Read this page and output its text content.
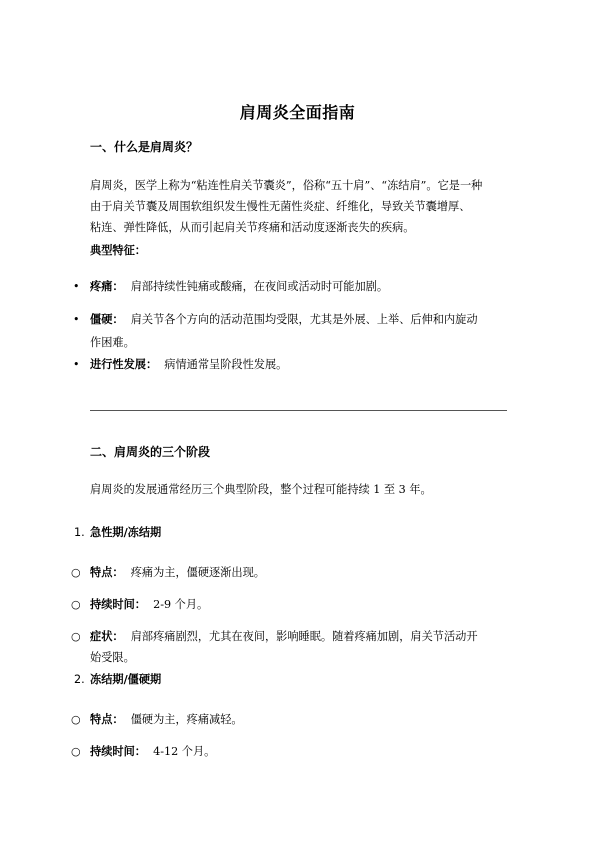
肩周炎全面指南
一、什么是肩周炎？
肩周炎，医学上称为“粘连性肩关节囊炎”，俗称“五十肩”、“冻结肩”。它是一种
由于肩关节囊及周围软组织发生慢性无菌性炎症、纤维化，导致关节囊增厚、
粘连、弹性降低，从而引起肩关节疼痛和活动度逐渐丧失的疾病。
典型特征：
• 疼痛： 肩部持续性钝痛或酸痛，在夜间或活动时可能加剧。
• 僵硬： 肩关节各个方向的活动范围均受限，尤其是外展、上举、后伸和内旋动
作困难。
• 进行性发展： 病情通常呈阶段性发展。
二、肩周炎的三个阶段
肩周炎的发展通常经历三个典型阶段，整个过程可能持续 1 至 3 年。
1. 急性期/冻结期
○ 特点： 疼痛为主，僵硬逐渐出现。
○ 持续时间： 2-9 个月。
○ 症状： 肩部疼痛剧烈，尤其在夜间，影响睡眠。随着疼痛加剧，肩关节活动开
始受限。
2. 冻结期/僵硬期
○ 特点： 僵硬为主，疼痛减轻。
○ 持续时间： 4-12 个月。
